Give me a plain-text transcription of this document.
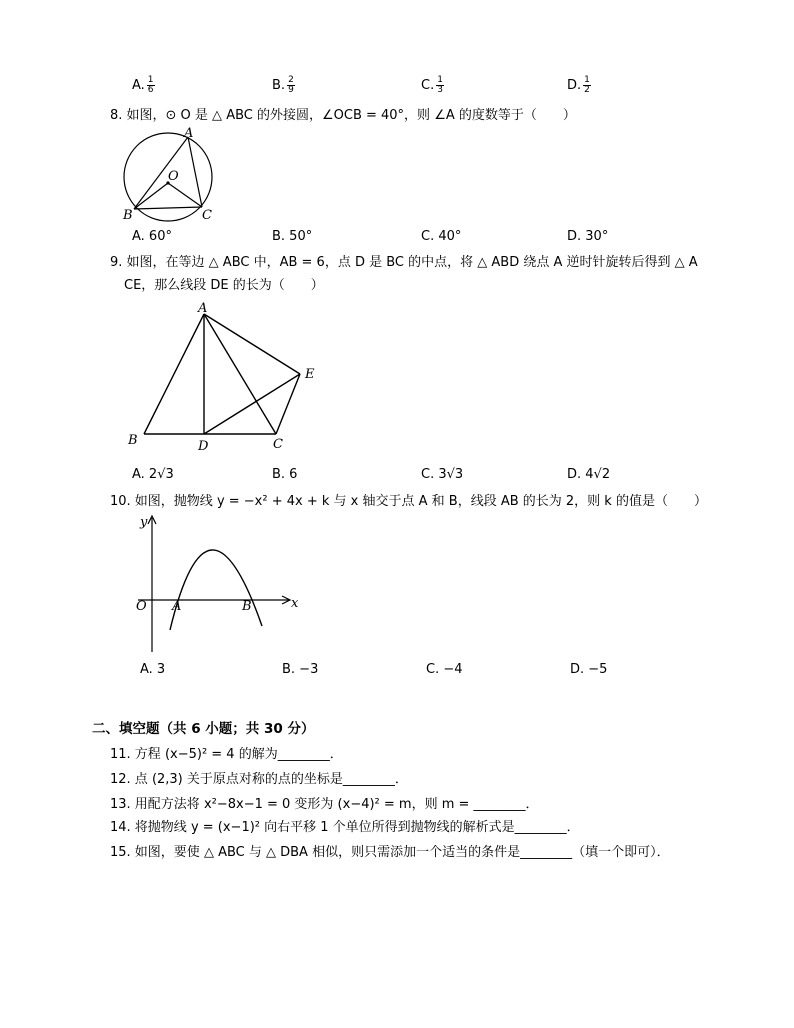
A. $\frac{1}{6}$	B. $\frac{2}{9}$	C. $\frac{1}{3}$	D. $\frac{1}{2}$
8. 如图，⊙ O 是 △ ABC 的外接圆，∠OCB = 40°，则 ∠A 的度数等于（　　）
A
O
B	C
A. 60°	B. 50°	C. 40°	D. 30°
9. 如图，在等边 △ ABC 中，AB = 6，点 D 是 BC 的中点，将 △ ABD 绕点 A 逆时针旋转后得到 △ A
CE，那么线段 DE 的长为（　　）
A
B	D	C
E
A. 2√3	B. 6	C. 3√3	D. 4√2
10. 如图，抛物线 y = −x² + 4x + k 与 x 轴交于点 A 和 B，线段 AB 的长为 2，则 k 的值是（　　）
y
x
O A	B
A. 3	B. −3	C. −4	D. −5
二、填空题（共 6 小题；共 30 分）
11. 方程 (x−5)² = 4 的解为________．
12. 点 (2,3) 关于原点对称的点的坐标是________．
13. 用配方法将 x²−8x−1 = 0 变形为 (x−4)² = m，则 m = ________．
14. 将抛物线 y = (x−1)² 向右平移 1 个单位所得到抛物线的解析式是________．
15. 如图，要使 △ ABC 与 △ DBA 相似，则只需添加一个适当的条件是________（填一个即可）．
